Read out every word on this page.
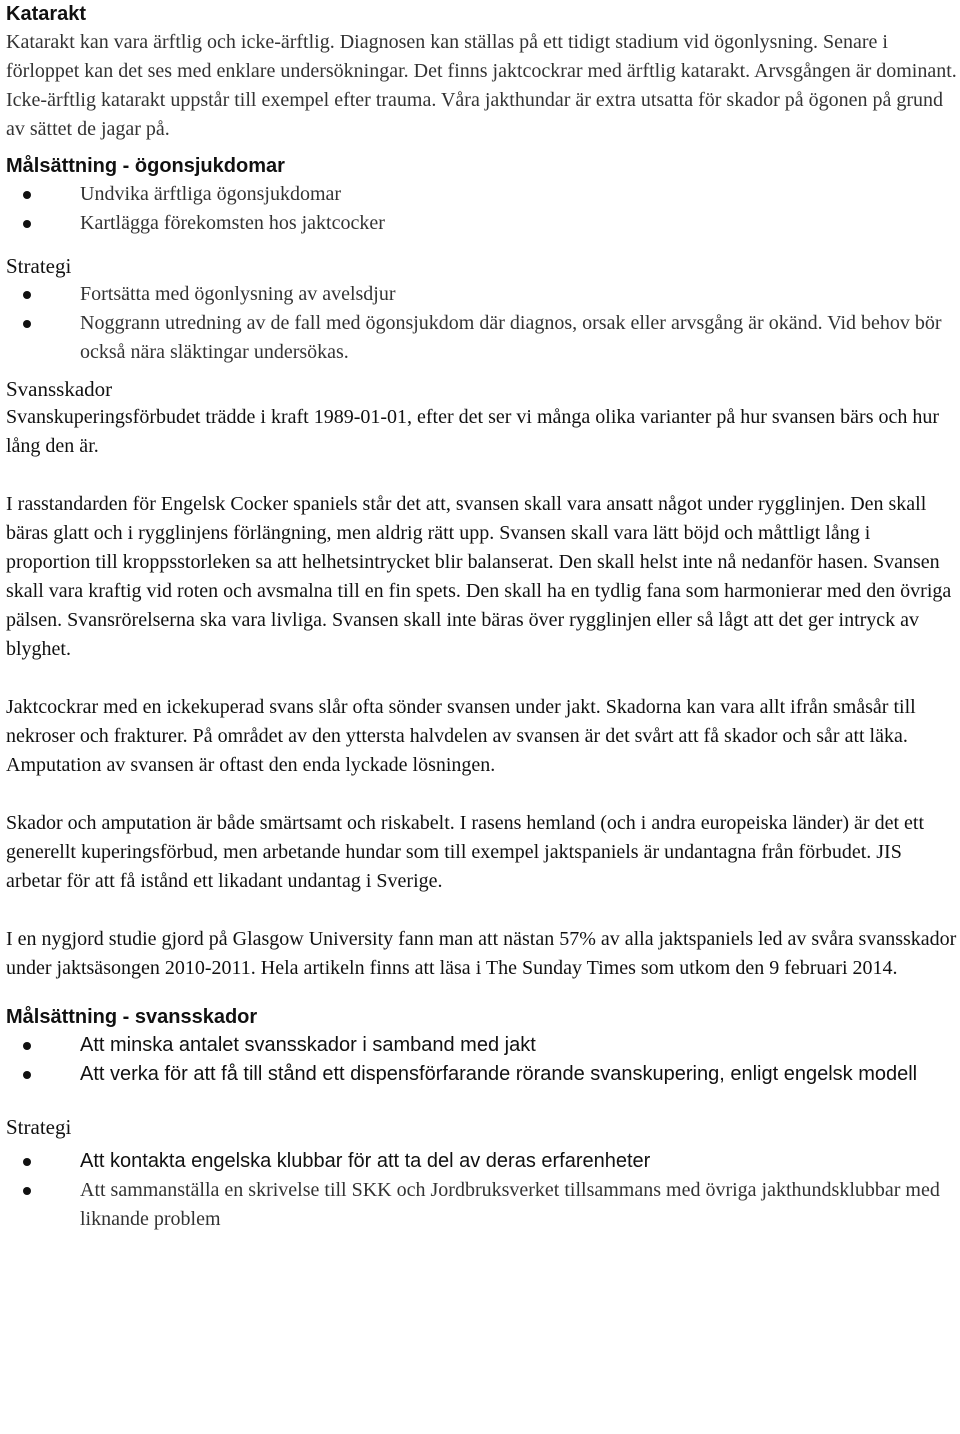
Katarakt

Katarakt kan vara ärftlig och icke-ärftlig. Diagnosen kan ställas på ett tidigt stadium vid ögonlysning. Senare i förloppet kan det ses med enklare undersökningar. Det finns jaktcockrar med ärftlig katarakt. Arvsgången är dominant. Icke-ärftlig katarakt uppstår till exempel efter trauma. Våra jakthundar är extra utsatta för skador på ögonen på grund av sättet de jagar på.

Målsättning - ögonsjukdomar
Undvika ärftliga ögonsjukdomar
Kartlägga förekomsten hos jaktcocker
Strategi
Fortsätta med ögonlysning av avelsdjur
Noggrann utredning av de fall med ögonsjukdom där diagnos, orsak eller arvsgång är okänd. Vid behov bör också nära släktingar undersökas.
Svansskador

Svanskuperingsförbudet trädde i kraft 1989-01-01, efter det ser vi många olika varianter på hur svansen bärs och hur lång den är.

I rasstandarden för Engelsk Cocker spaniels står det att, svansen skall vara ansatt något under rygglinjen. Den skall bäras glatt och i rygglinjens förlängning, men aldrig rätt upp. Svansen skall vara lätt böjd och måttligt lång i proportion till kroppsstorleken sa att helhetsintrycket blir balanserat. Den skall helst inte nå nedanför hasen. Svansen skall vara kraftig vid roten och avsmalna till en fin spets. Den skall ha en tydlig fana som harmonierar med den övriga pälsen. Svansrörelserna ska vara livliga. Svansen skall inte bäras över rygglinjen eller så lågt att det ger intryck av blyghet.

Jaktcockrar med en ickekuperad svans slår ofta sönder svansen under jakt. Skadorna kan vara allt ifrån småsår till nekroser och frakturer. På området av den yttersta halvdelen av svansen är det svårt att få skador och sår att läka. Amputation av svansen är oftast den enda lyckade lösningen.

Skador och amputation är både smärtsamt och riskabelt. I rasens hemland (och i andra europeiska länder) är det ett generellt kuperingsförbud, men arbetande hundar som till exempel jaktspaniels är undantagna från förbudet. JIS arbetar för att få istånd ett likadant undantag i Sverige.

I en nygjord studie gjord på Glasgow University fann man att nästan 57% av alla jaktspaniels led av svåra svansskador under jaktsäsongen 2010-2011. Hela artikeln finns att läsa i The Sunday Times som utkom den 9 februari 2014.

Målsättning - svansskador
Att minska antalet svansskador i samband med jakt
Att verka för att få till stånd ett dispensförfarande rörande svanskupering, enligt engelsk modell
Strategi
Att kontakta engelska klubbar för att ta del av deras erfarenheter
Att sammanställa en skrivelse till SKK och Jordbruksverket tillsammans med övriga jakthundsklubbar med liknande problem
